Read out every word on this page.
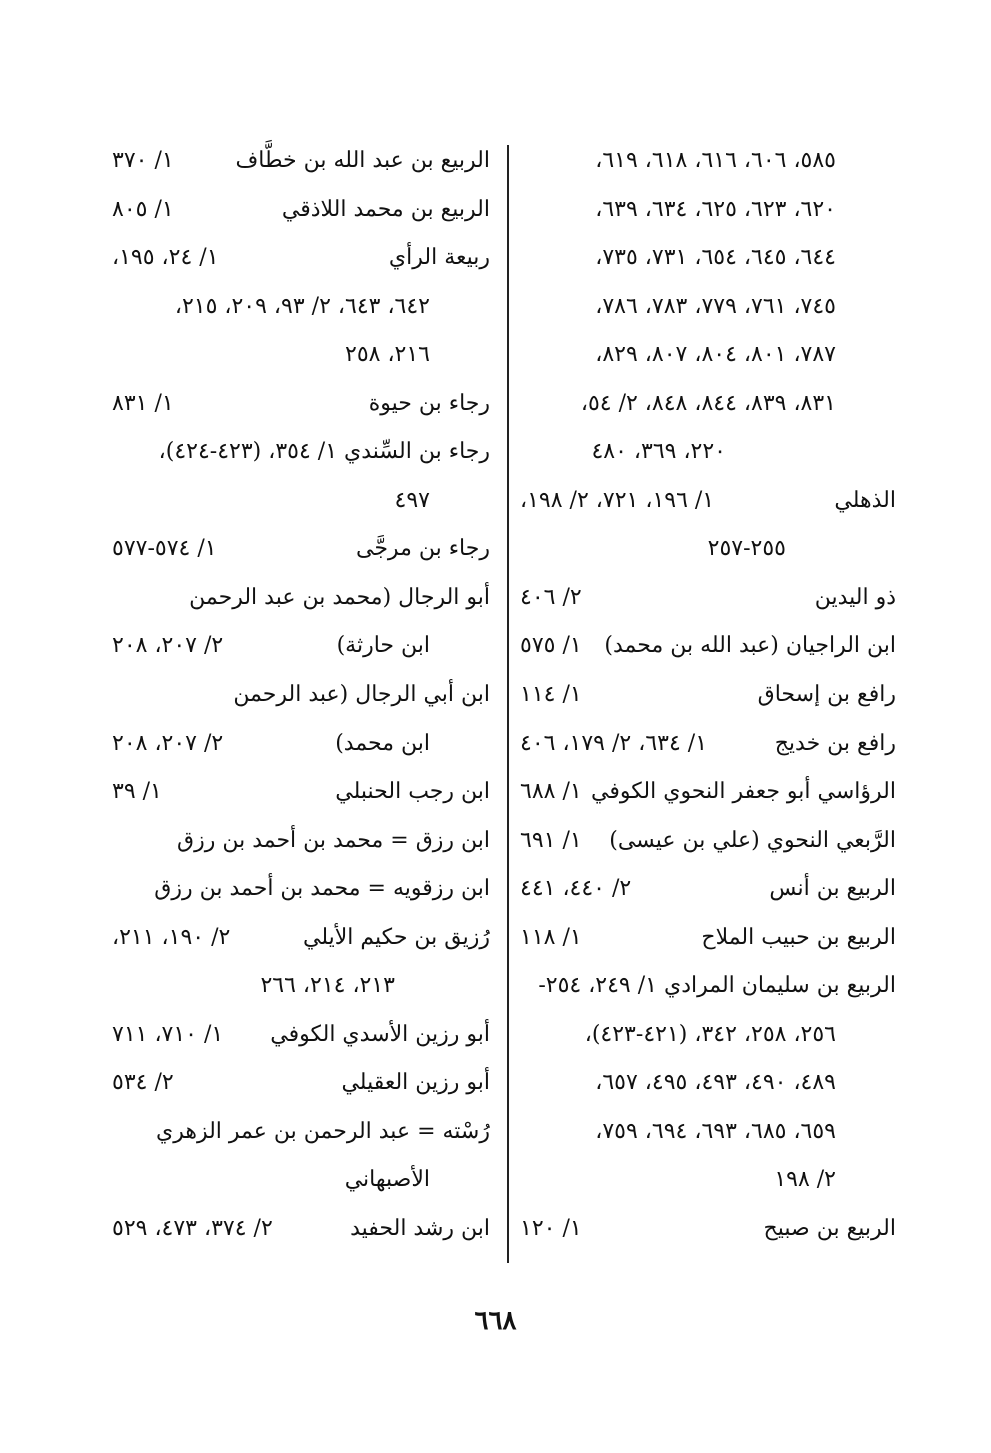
٥٨٥، ٦٠٦، ٦١٦، ٦١٨، ٦١٩،
٦٢٠، ٦٢٣، ٦٢٥، ٦٣٤، ٦٣٩،
٦٤٤، ٦٤٥، ٦٥٤، ٧٣١، ٧٣٥،
٧٤٥، ٧٦١، ٧٧٩، ٧٨٣، ٧٨٦،
٧٨٧، ٨٠١، ٨٠٤، ٨٠٧، ٨٢٩،
٨٣١، ٨٣٩، ٨٤٤، ٨٤٨، ٢/ ٥٤،
٢٢٠، ٣٦٩، ٤٨٠
الذهلي
١/ ١٩٦، ٧٢١، ٢/ ١٩٨،
٢٥٥-٢٥٧
ذو اليدين
٢/ ٤٠٦
ابن الراجيان (عبد الله بن محمد)
١/ ٥٧٥
رافع بن إسحاق
١/ ١١٤
رافع بن خديج
١/ ٦٣٤، ٢/ ١٧٩، ٤٠٦
الرؤاسي أبو جعفر النحوي الكوفي
١/ ٦٨٨
الرَّبعي النحوي (علي بن عيسى)
١/ ٦٩١
الربيع بن أنس
٢/ ٤٤٠، ٤٤١
الربيع بن حبيب الملاح
١/ ١١٨
الربيع بن سليمان المرادي ١/ ٢٤٩، ٢٥٤-
٢٥٦، ٢٥٨، ٣٤٢، (٤٢١-٤٢٣)،
٤٨٩، ٤٩٠، ٤٩٣، ٤٩٥، ٦٥٧،
٦٥٩، ٦٨٥، ٦٩٣، ٦٩٤، ٧٥٩،
٢/ ١٩٨
الربيع بن صبيح
١/ ١٢٠
الربيع بن عبد الله بن خطَّاف
١/ ٣٧٠
الربيع بن محمد اللاذقي
١/ ٨٠٥
ربيعة الرأي
١/ ٢٤، ١٩٥،
٦٤٢، ٦٤٣، ٢/ ٩٣، ٢٠٩، ٢١٥،
٢١٦، ٢٥٨
رجاء بن حيوة
١/ ٨٣١
رجاء بن السِّندي ١/ ٣٥٤، (٤٢٣-٤٢٤)،
٤٩٧
رجاء بن مرجَّى
١/ ٥٧٤-٥٧٧
أبو الرجال (محمد بن عبد الرحمن
ابن حارثة)
٢/ ٢٠٧، ٢٠٨
ابن أبي الرجال (عبد الرحمن
ابن محمد)
٢/ ٢٠٧، ٢٠٨
ابن رجب الحنبلي
١/ ٣٩
ابن رزق = محمد بن أحمد بن رزق
ابن رزقويه = محمد بن أحمد بن رزق
رُزيق بن حكيم الأيلي
٢/ ١٩٠، ٢١١،
٢١٣، ٢١٤، ٢٦٦
أبو رزين الأسدي الكوفي
١/ ٧١٠، ٧١١
أبو رزين العقيلي
٢/ ٥٣٤
رُسْته = عبد الرحمن بن عمر الزهري
الأصبهاني
ابن رشد الحفيد
٢/ ٣٧٤، ٤٧٣، ٥٢٩
٦٦٨
